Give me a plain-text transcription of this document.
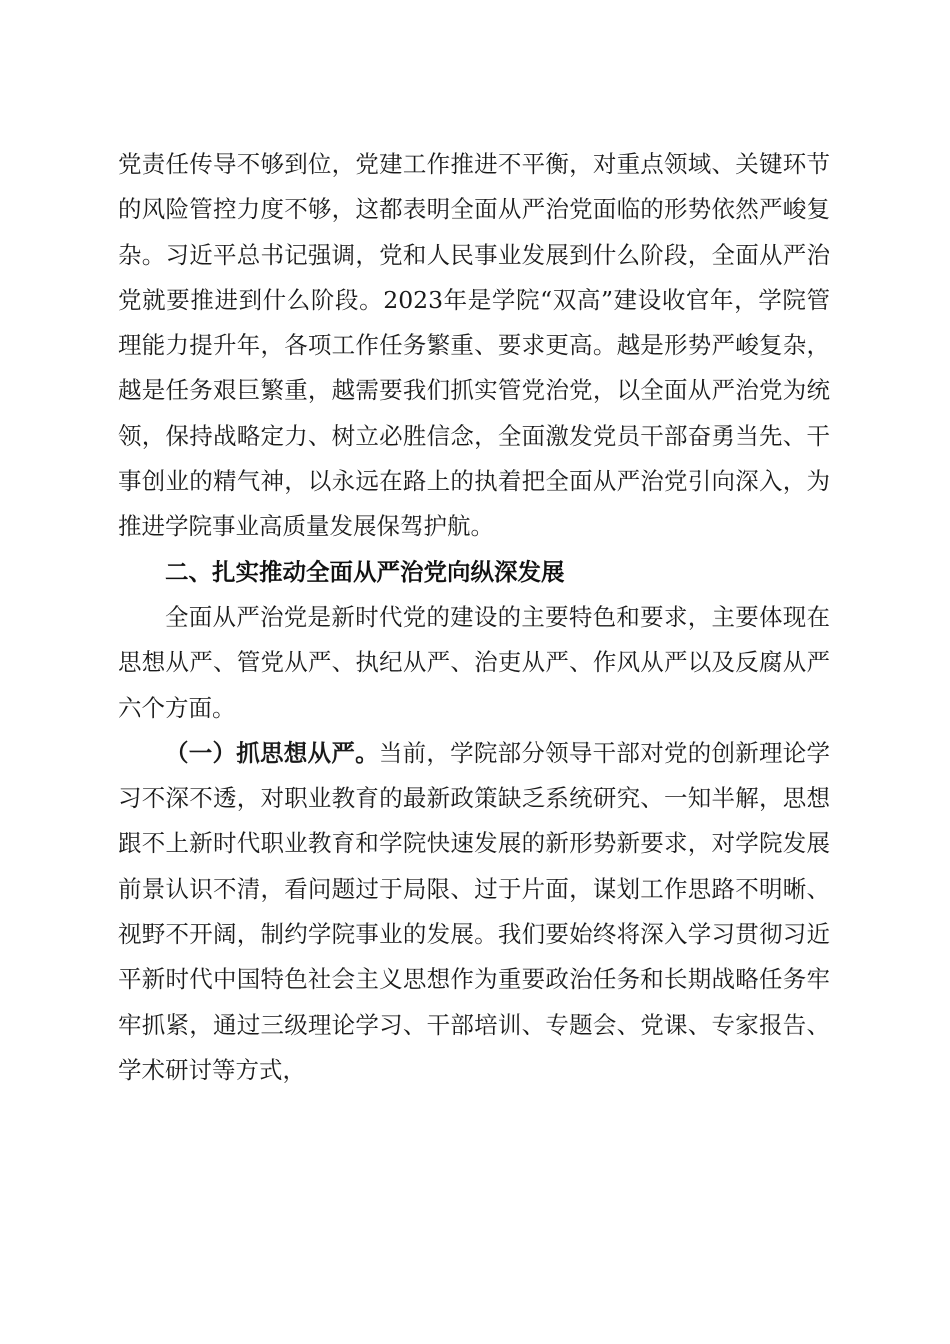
党责任传导不够到位，党建工作推进不平衡，对重点领域、关键环节的风险管控力度不够，这都表明全面从严治党面临的形势依然严峻复杂。习近平总书记强调，党和人民事业发展到什么阶段，全面从严治党就要推进到什么阶段。2023年是学院“双高”建设收官年，学院管理能力提升年，各项工作任务繁重、要求更高。越是形势严峻复杂，越是任务艰巨繁重，越需要我们抓实管党治党，以全面从严治党为统领，保持战略定力、树立必胜信念，全面激发党员干部奋勇当先、干事创业的精气神，以永远在路上的执着把全面从严治党引向深入，为推进学院事业高质量发展保驾护航。

二、扎实推动全面从严治党向纵深发展

全面从严治党是新时代党的建设的主要特色和要求，主要体现在思想从严、管党从严、执纪从严、治吏从严、作风从严以及反腐从严六个方面。

（一）抓思想从严。当前，学院部分领导干部对党的创新理论学习不深不透，对职业教育的最新政策缺乏系统研究、一知半解，思想跟不上新时代职业教育和学院快速发展的新形势新要求，对学院发展前景认识不清，看问题过于局限、过于片面，谋划工作思路不明晰、视野不开阔，制约学院事业的发展。我们要始终将深入学习贯彻习近平新时代中国特色社会主义思想作为重要政治任务和长期战略任务牢牢抓紧，通过三级理论学习、干部培训、专题会、党课、专家报告、学术研讨等方式，
